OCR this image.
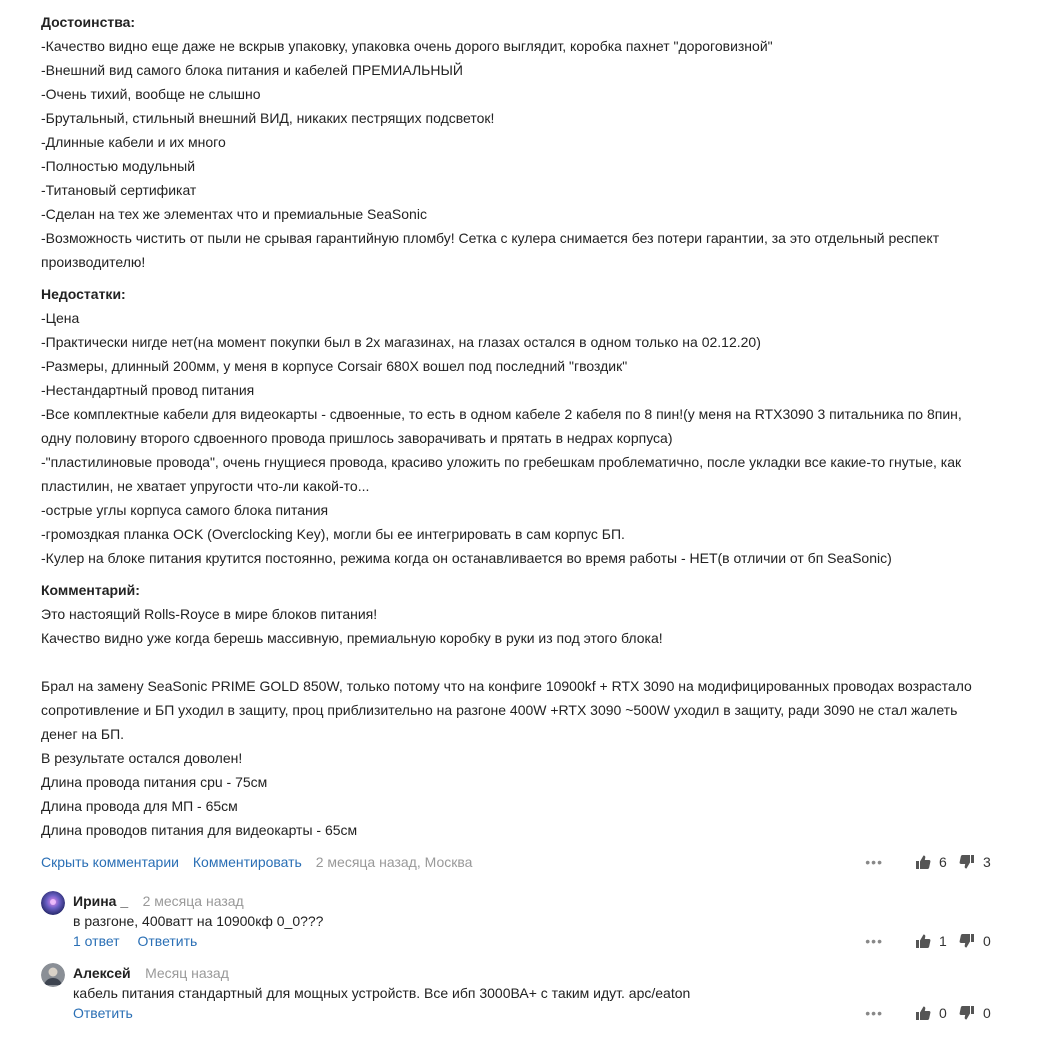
Достоинства:
-Качество видно еще даже не вскрыв упаковку, упаковка очень дорого выглядит, коробка пахнет "дороговизной"
-Внешний вид самого блока питания и кабелей ПРЕМИАЛЬНЫЙ
-Очень тихий, вообще не слышно
-Брутальный, стильный внешний ВИД, никаких пестрящих подсветок!
-Длинные кабели и их много
-Полностью модульный
-Титановый сертификат
-Сделан на тех же элементах что и премиальные SeaSonic
-Возможность чистить от пыли не срывая гарантийную пломбу! Сетка с кулера снимается без потери гарантии, за это отдельный респект
производителю!
Недостатки:
-Цена
-Практически нигде нет(на момент покупки был в 2х магазинах, на глазах остался в одном только на 02.12.20)
-Размеры, длинный 200мм, у меня в корпусе Corsair 680X вошел под последний "гвоздик"
-Нестандартный провод питания
-Все комплектные кабели для видеокарты - сдвоенные, то есть в одном кабеле 2 кабеля по 8 пин!(у меня на RTX3090 3 питальника по 8пин,
одну половину второго сдвоенного провода пришлось заворачивать и прятать в недрах корпуса)
-"пластилиновые провода", очень гнущиеся провода, красиво уложить по гребешкам проблематично, после укладки все какие-то гнутые, как
пластилин, не хватает упругости что-ли какой-то...
-острые углы корпуса самого блока питания
-громоздкая планка OCK (Overclocking Key), могли бы ее интегрировать в сам корпус БП.
-Кулер на блоке питания крутится постоянно, режима когда он останавливается во время работы - НЕТ(в отличии от бп SeaSonic)
Комментарий:
Это настоящий Rolls-Royce в мире блоков питания!
Качество видно уже когда берешь массивную, премиальную коробку в руки из под этого блока!
Брал на замену SeaSonic PRIME GOLD 850W, только потому что на конфиге 10900kf + RTX 3090 на модифицированных проводах возрастало
сопротивление и БП уходил в защиту, проц приблизительно на разгоне 400W +RTX 3090 ~500W уходил в защиту, ради 3090 не стал жалеть
денег на БП.
В результате остался доволен!
Длина провода питания cpu - 75см
Длина провода для МП - 65см
Длина проводов питания для видеокарты - 65см
Скрыть комментарии Комментировать 2 месяца назад, Москва	•••	6	3
Ирина _ 2 месяца назад
в разгоне, 400ватт на 10900кф 0_0???
1 ответ Ответить	•••	1	0
Алексей Месяц назад
кабель питания стандартный для мощных устройств. Все ибп 3000ВА+ с таким идут. apc/eaton
Ответить	•••	0	0
